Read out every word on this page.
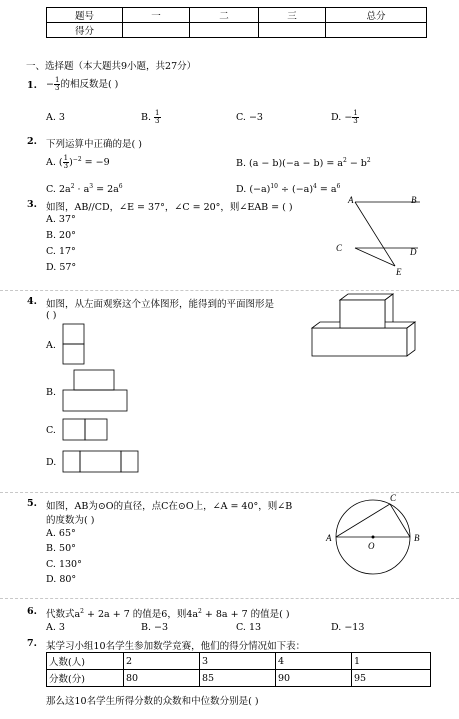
题号	一	二	三	总分
得分				
一、选择题（本大题共9小题，共27分）
1. − $\frac{1}{3}$ 的相反数是( )
A. 3	B. $\frac{1}{3}$	C. −3	D. − $\frac{1}{3}$
2. 下列运算中正确的是( )
A. ( $\frac{1}{3} )^{-2} = -9$	B. $(a - b)(-a - b) = a^2 - b^2$
C. $2a^2 \cdot a^3 = 2a^6$	D. $(-a)^{10} \div (-a)^4 = a^6$
3. 如图，AB//CD，∠E = 37°，∠C = 20°，则∠EAB = ( )
A. 37°
B. 20°
C. 17°
D. 57°
A	B
C	D
E
4. 如图，从左面观察这个立体图形，能得到的平面图形是
( )
A.
B.
C.
D.
5. 如图，AB为⊙O的直径，点C在⊙O上，∠A = 40°，则∠B
的度数为( )
A. 65°
B. 50°
C. 130°
D. 80°
A	B
C
O
6. 代数式$a^2 + 2a + 7$ 的值是6，则$4a^2 + 8a + 7$ 的值是( )
A. 3	B. −3	C. 13	D. −13
7. 某学习小组10名学生参加数学竞赛，他们的得分情况如下表：
人数(人)	2	3	4	1
分数(分)	80	85	90	95
那么这10名学生所得分数的众数和中位数分别是( )
